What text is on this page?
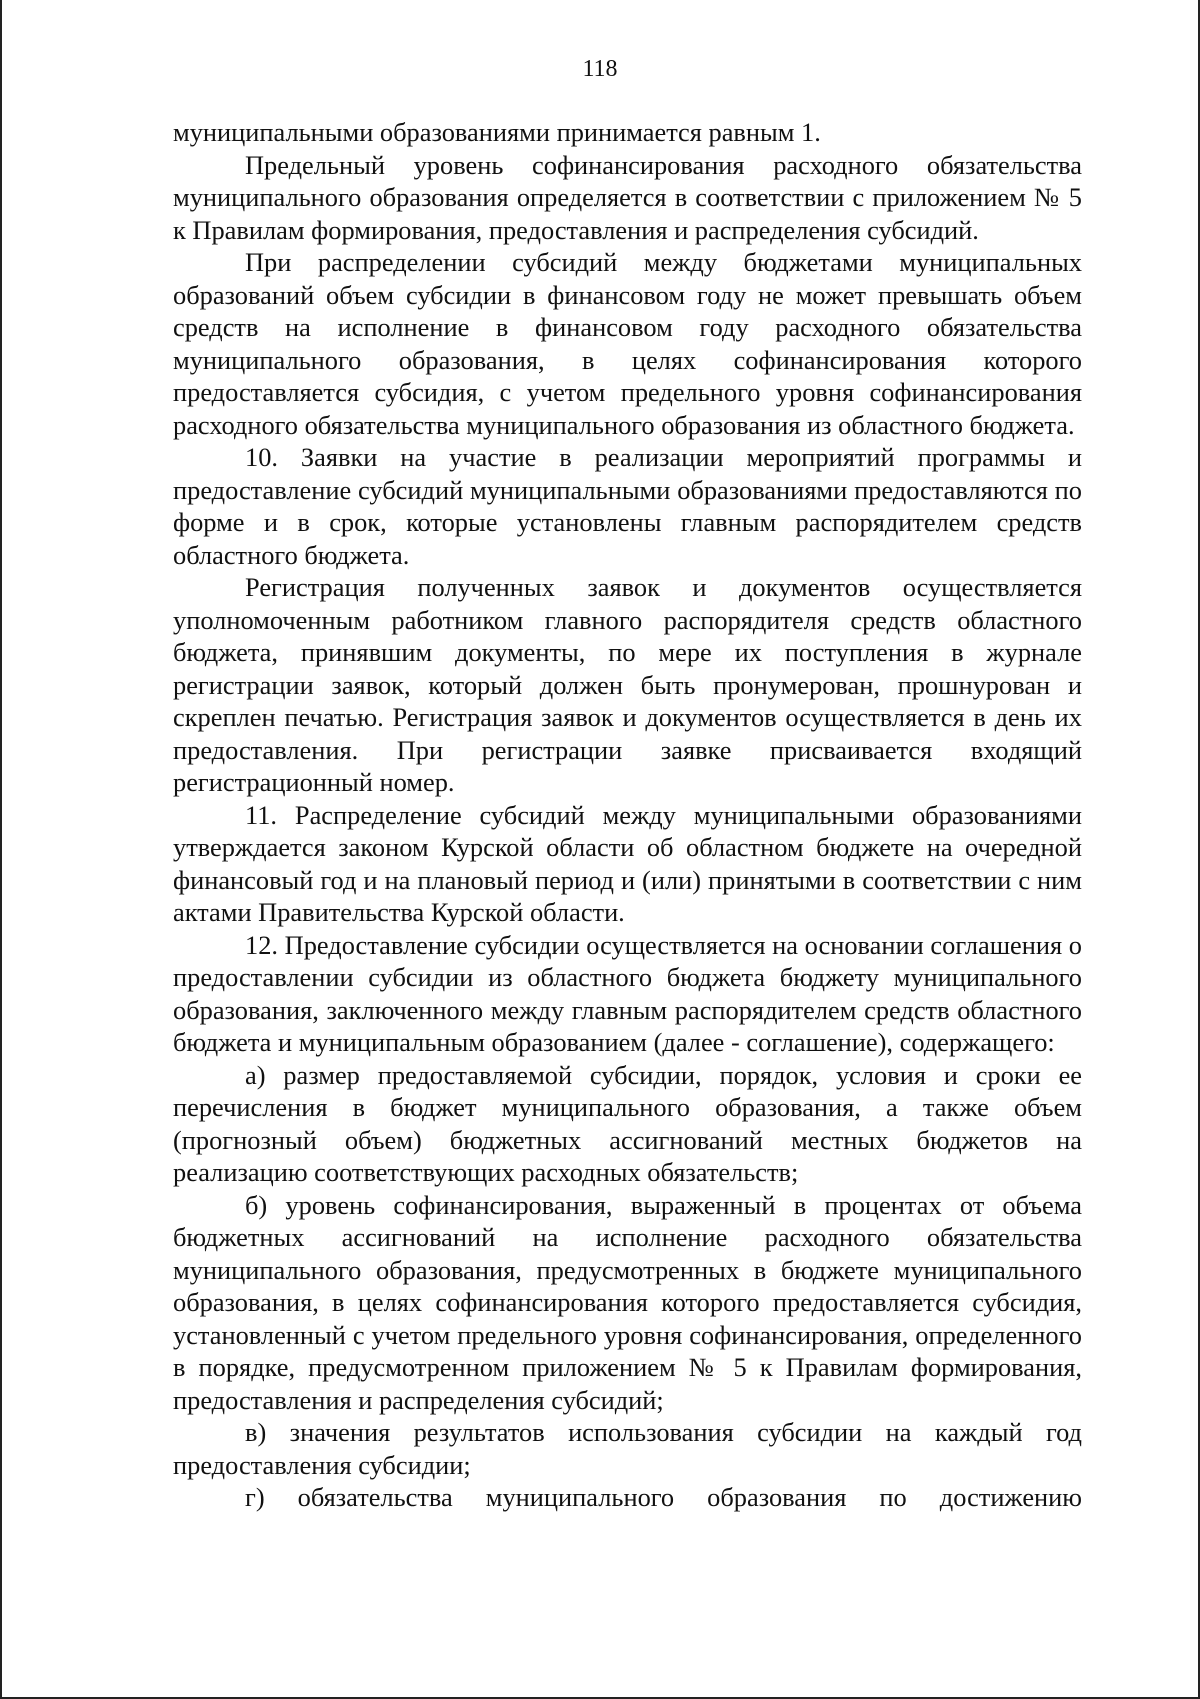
118

муниципальными образованиями принимается равным 1.

Предельный уровень софинансирования расходного обязательства муниципального образования определяется в соответствии с приложением № 5 к Правилам формирования, предоставления и распределения субсидий.

При распределении субсидий между бюджетами муниципальных образований объем субсидии в финансовом году не может превышать объем средств на исполнение в финансовом году расходного обязательства муниципального образования, в целях софинансирования которого предоставляется субсидия, с учетом предельного уровня софинансирования расходного обязательства муниципального образования из областного бюджета.

10. Заявки на участие в реализации мероприятий программы и предоставление субсидий муниципальными образованиями предоставляются по форме и в срок, которые установлены главным распорядителем средств областного бюджета.

Регистрация полученных заявок и документов осуществляется уполномоченным работником главного распорядителя средств областного бюджета, принявшим документы, по мере их поступления в журнале регистрации заявок, который должен быть пронумерован, прошнурован и скреплен печатью. Регистрация заявок и документов осуществляется в день их предоставления. При регистрации заявке присваивается входящий регистрационный номер.

11. Распределение субсидий между муниципальными образованиями утверждается законом Курской области об областном бюджете на очередной финансовый год и на плановый период и (или) принятыми в соответствии с ним актами Правительства Курской области.

12. Предоставление субсидии осуществляется на основании соглашения о предоставлении субсидии из областного бюджета бюджету муниципального образования, заключенного между главным распорядителем средств областного бюджета и муниципальным образованием (далее - соглашение), содержащего:

а) размер предоставляемой субсидии, порядок, условия и сроки ее перечисления в бюджет муниципального образования, а также объем (прогнозный объем) бюджетных ассигнований местных бюджетов на реализацию соответствующих расходных обязательств;

б) уровень софинансирования, выраженный в процентах от объема бюджетных ассигнований на исполнение расходного обязательства муниципального образования, предусмотренных в бюджете муниципального образования, в целях софинансирования которого предоставляется субсидия, установленный с учетом предельного уровня софинансирования, определенного в порядке, предусмотренном приложением № 5 к Правилам формирования, предоставления и распределения субсидий;

в) значения результатов использования субсидии на каждый год предоставления субсидии;

г) обязательства муниципального образования по достижению
